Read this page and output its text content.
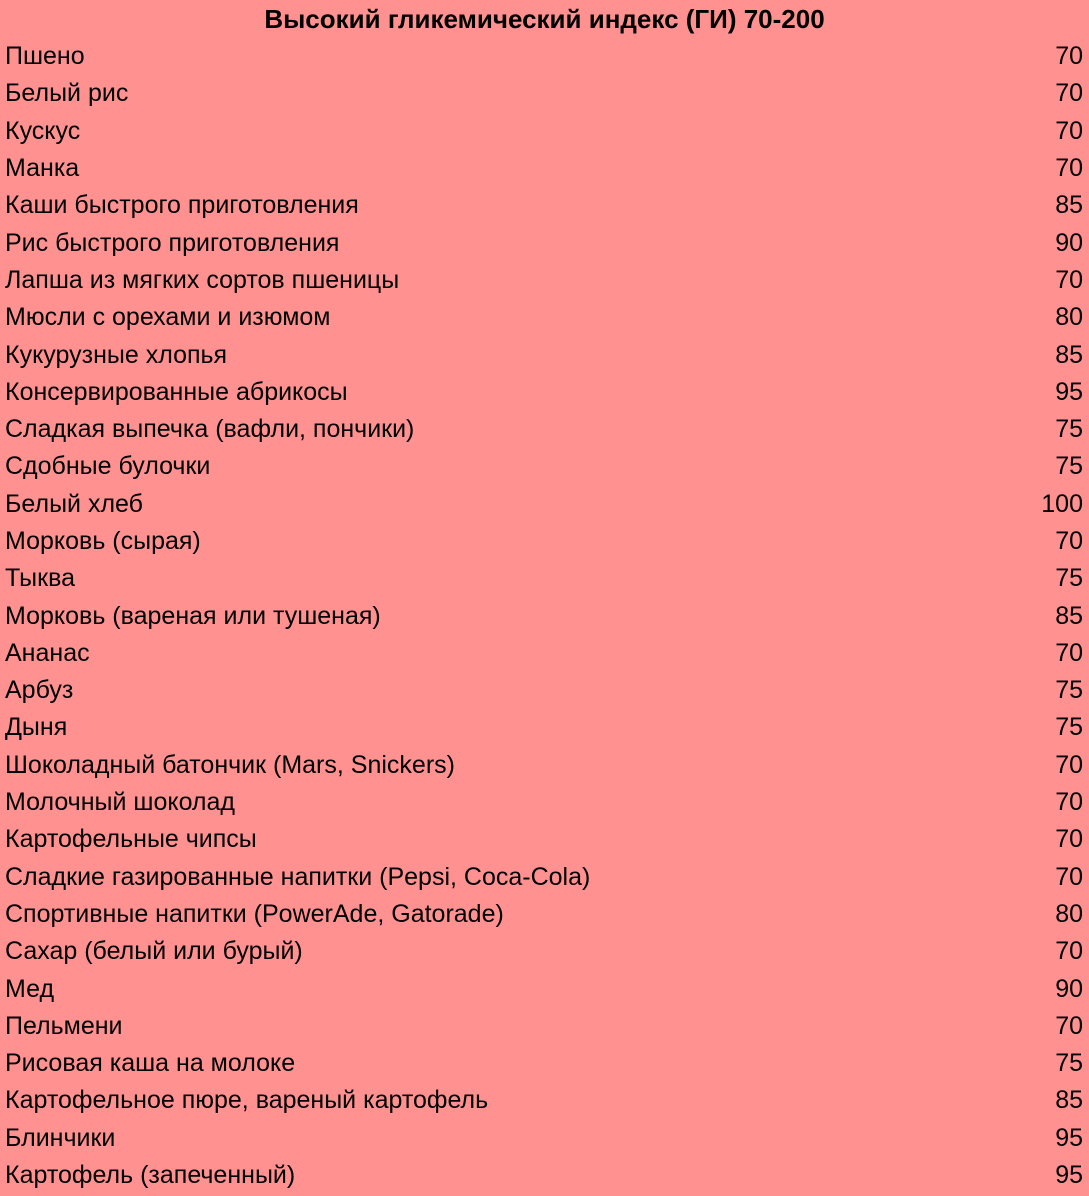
Высокий гликемический индекс (ГИ) 70-200
Пшено	70
Белый рис	70
Кускус	70
Манка	70
Каши быстрого приготовления	85
Рис быстрого приготовления	90
Лапша из мягких сортов пшеницы	70
Мюсли с орехами и изюмом	80
Кукурузные хлопья	85
Консервированные абрикосы	95
Сладкая выпечка (вафли, пончики)	75
Сдобные булочки	75
Белый хлеб	100
Морковь (сырая)	70
Тыква	75
Морковь (вареная или тушеная)	85
Ананас	70
Арбуз	75
Дыня	75
Шоколадный батончик (Mars, Snickers)	70
Молочный шоколад	70
Картофельные чипсы	70
Сладкие газированные напитки (Pepsi, Coca-Cola)	70
Спортивные напитки (PowerAde, Gatorade)	80
Сахар (белый или бурый)	70
Мед	90
Пельмени	70
Рисовая каша на молоке	75
Картофельное пюре, вареный картофель	85
Блинчики	95
Картофель (запеченный)	95
